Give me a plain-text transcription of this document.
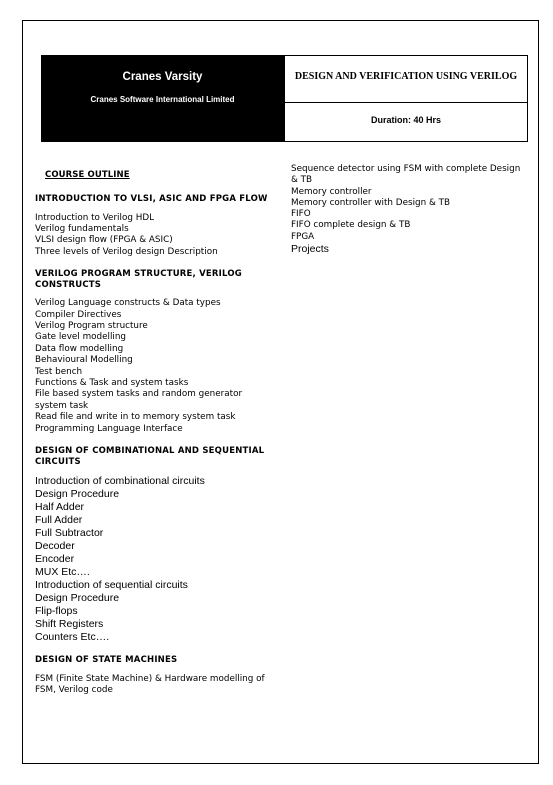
Cranes Varsity
Cranes Software International Limited
DESIGN AND VERIFICATION USING VERILOG
Duration: 40 Hrs
COURSE OUTLINE
INTRODUCTION TO VLSI, ASIC AND FPGA FLOW
Introduction to Verilog HDL
Verilog fundamentals
VLSI design flow (FPGA & ASIC)
Three levels of Verilog design Description
VERILOG PROGRAM STRUCTURE, VERILOG CONSTRUCTS
Verilog Language constructs & Data types
Compiler Directives
Verilog Program structure
Gate level modelling
Data flow modelling
Behavioural Modelling
Test bench
Functions & Task and system tasks
File based system tasks and random generator system task
Read file and write in to memory system task
Programming Language Interface
DESIGN OF COMBINATIONAL AND SEQUENTIAL CIRCUITS
Introduction of combinational circuits
Design Procedure
Half Adder
Full Adder
Full Subtractor
Decoder
Encoder
MUX Etc….
Introduction of sequential circuits
Design Procedure
Flip-flops
Shift Registers
Counters Etc….
DESIGN OF STATE MACHINES
FSM (Finite State Machine) & Hardware modelling of FSM, Verilog code
Sequence detector using FSM with complete Design & TB
Memory controller
Memory controller with Design & TB
FIFO
FIFO complete design & TB
FPGA
Projects
